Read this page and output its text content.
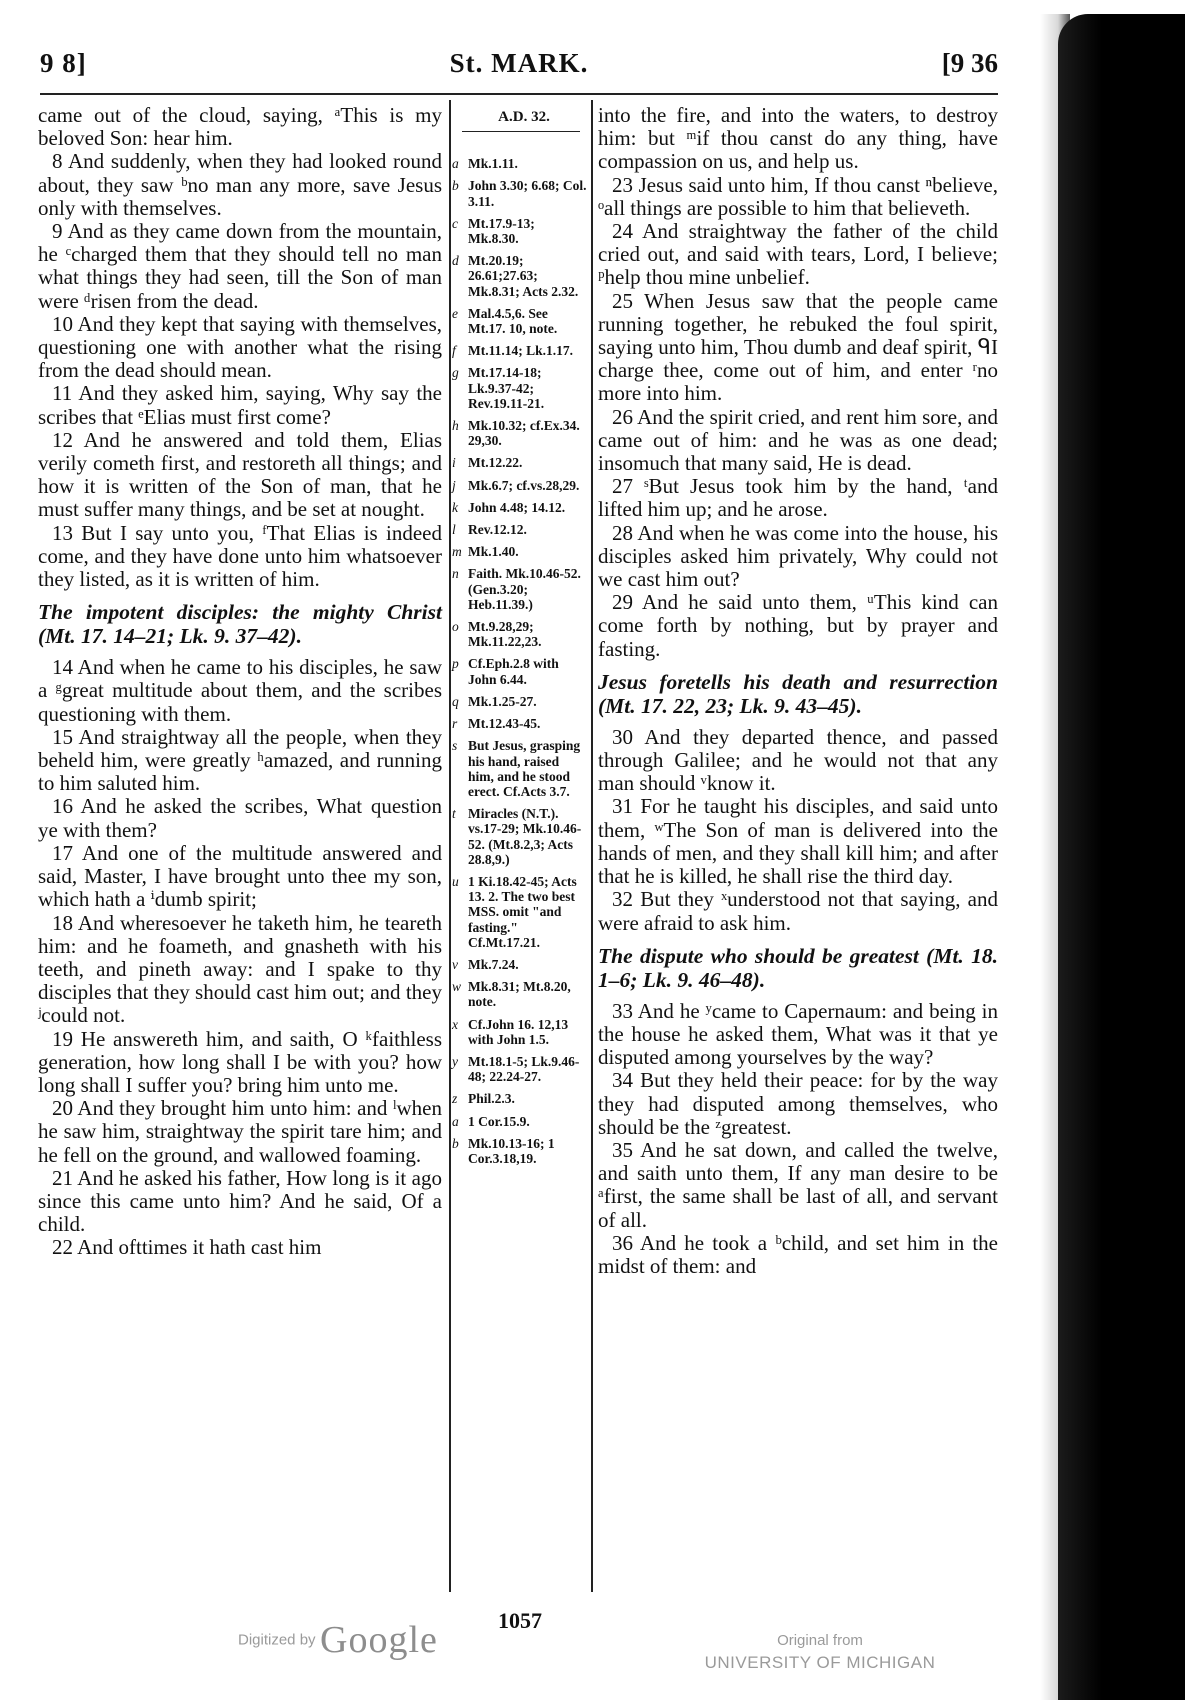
9 8]	St. MARK.	[9 36

came out of the cloud, saying, ᵃThis is my beloved Son: hear him.

8 And suddenly, when they had looked round about, they saw ᵇno man any more, save Jesus only with themselves.

9 And as they came down from the mountain, he ᶜcharged them that they should tell no man what things they had seen, till the Son of man were ᵈrisen from the dead.

10 And they kept that saying with themselves, questioning one with another what the rising from the dead should mean.

11 And they asked him, saying, Why say the scribes that ᵉElias must first come?

12 And he answered and told them, Elias verily cometh first, and restoreth all things; and how it is written of the Son of man, that he must suffer many things, and be set at nought.

13 But I say unto you, ᶠThat Elias is indeed come, and they have done unto him whatsoever they listed, as it is written of him.

The impotent disciples: the mighty Christ (Mt. 17. 14–21; Lk. 9. 37–42).

14 And when he came to his disciples, he saw a ᵍgreat multitude about them, and the scribes questioning with them.

15 And straightway all the people, when they beheld him, were greatly ʰamazed, and running to him saluted him.

16 And he asked the scribes, What question ye with them?

17 And one of the multitude answered and said, Master, I have brought unto thee my son, which hath a ⁱdumb spirit;

18 And wheresoever he taketh him, he teareth him: and he foameth, and gnasheth with his teeth, and pineth away: and I spake to thy disciples that they should cast him out; and they ʲcould not.

19 He answereth him, and saith, O ᵏfaithless generation, how long shall I be with you? how long shall I suffer you? bring him unto me.

20 And they brought him unto him: and ˡwhen he saw him, straightway the spirit tare him; and he fell on the ground, and wallowed foaming.

21 And he asked his father, How long is it ago since this came unto him? And he said, Of a child.

22 And ofttimes it hath cast him

A.D. 32.
a Mk.1.11.
b John 3.30; 6.68; Col. 3.11.
c Mt.17.9-13; Mk.8.30.
d Mt.20.19; 26.61;27.63; Mk.8.31; Acts 2.32.
e Mal.4.5,6. See Mt.17. 10, note.
f Mt.11.14; Lk.1.17.
g Mt.17.14-18; Lk.9.37-42; Rev.19.11-21.
h Mk.10.32; cf.Ex.34. 29,30.
i Mt.12.22.
j Mk.6.7; cf.vs.28,29.
k John 4.48; 14.12.
l Rev.12.12.
m Mk.1.40.
n Faith. Mk.10.46-52. (Gen.3.20; Heb.11.39.)
o Mt.9.28,29; Mk.11.22,23.
p Cf.Eph.2.8 with John 6.44.
q Mk.1.25-27.
r Mt.12.43-45.
s But Jesus, grasping his hand, raised him, and he stood erect. Cf.Acts 3.7.
t Miracles (N.T.). vs.17-29; Mk.10.46-52. (Mt.8.2,3; Acts 28.8,9.)
u 1 Ki.18.42-45; Acts 13. 2. The two best MSS. omit "and fasting." Cf.Mt.17.21.
v Mk.7.24.
w Mk.8.31; Mt.8.20, note.
x Cf.John 16. 12,13 with John 1.5.
y Mt.18.1-5; Lk.9.46-48; 22.24-27.
z Phil.2.3.
a 1 Cor.15.9.
b Mk.10.13-16; 1 Cor.3.18,19.

into the fire, and into the waters, to destroy him: but ᵐif thou canst do any thing, have compassion on us, and help us.

23 Jesus said unto him, If thou canst ⁿbelieve, ᵒall things are possible to him that believeth.

24 And straightway the father of the child cried out, and said with tears, Lord, I believe; ᵖhelp thou mine unbelief.

25 When Jesus saw that the people came running together, he rebuked the foul spirit, saying unto him, Thou dumb and deaf spirit, ᑫI charge thee, come out of him, and enter ʳno more into him.

26 And the spirit cried, and rent him sore, and came out of him: and he was as one dead; insomuch that many said, He is dead.

27 ˢBut Jesus took him by the hand, ᵗand lifted him up; and he arose.

28 And when he was come into the house, his disciples asked him privately, Why could not we cast him out?

29 And he said unto them, ᵘThis kind can come forth by nothing, but by prayer and fasting.

Jesus foretells his death and resurrection (Mt. 17. 22, 23; Lk. 9. 43–45).

30 And they departed thence, and passed through Galilee; and he would not that any man should ᵛknow it.

31 For he taught his disciples, and said unto them, ʷThe Son of man is delivered into the hands of men, and they shall kill him; and after that he is killed, he shall rise the third day.

32 But they ˣunderstood not that saying, and were afraid to ask him.

The dispute who should be greatest (Mt. 18. 1–6; Lk. 9. 46–48).

33 And he ʸcame to Capernaum: and being in the house he asked them, What was it that ye disputed among yourselves by the way?

34 But they held their peace: for by the way they had disputed among themselves, who should be the ᶻgreatest.

35 And he sat down, and called the twelve, and saith unto them, If any man desire to be ᵃfirst, the same shall be last of all, and servant of all.

36 And he took a ᵇchild, and set him in the midst of them: and

1057
Digitized by Google	Original from
UNIVERSITY OF MICHIGAN
